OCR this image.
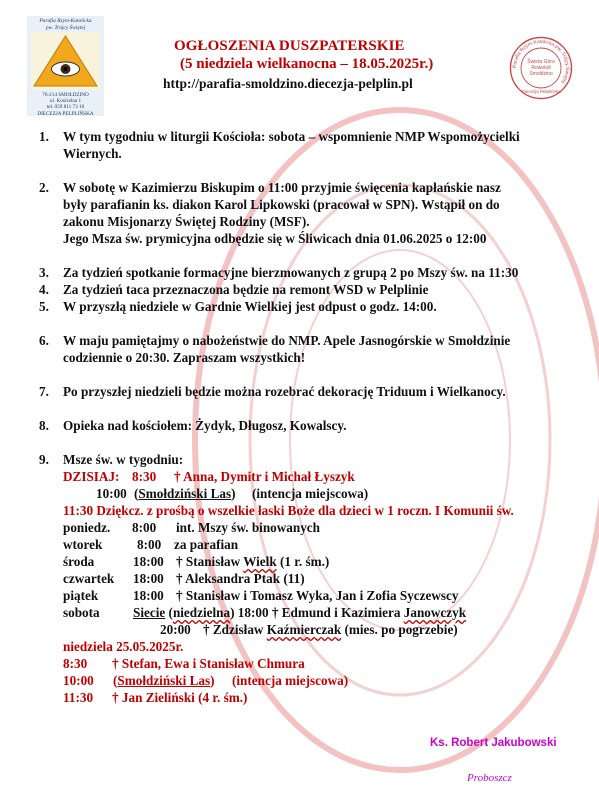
Parafia Rzym-Katolicka
pw. Trójcy Świętej
76-214 SMOŁDZINO
ul. Kościelna 1
tel. 059 811 73 16
DIECEZJA PELPLIŃSKA
OGŁOSZENIA DUSZPATERSKIE
(5 niedziela wielkanocna – 18.05.2025r.)
http://parafia-smoldzino.diecezja-pelplin.pl
Parafia Rzym-Katolicka pw. Trójcy Świętej
Świeta Góra
Rowokół
Smołdzino
Diecezja Pelplińska
1. W tym tygodniu w liturgii Kościoła: sobota – wspomnienie NMP Wspomożycielki
Wiernych.
2. W sobotę w Kazimierzu Biskupim o 11:00 przyjmie święcenia kapłańskie nasz
były parafianin ks. diakon Karol Lipkowski (pracował w SPN). Wstąpił on do
zakonu Misjonarzy Świętej Rodziny (MSF).
Jego Msza św. prymicyjna odbędzie się w Śliwicach dnia 01.06.2025 o 12:00
3. Za tydzień spotkanie formacyjne bierzmowanych z grupą 2 po Mszy św. na 11:30
4. Za tydzień taca przeznaczona będzie na remont WSD w Pelplinie
5. W przyszłą niedziele w Gardnie Wielkiej jest odpust o godz. 14:00.
6. W maju pamiętajmy o nabożeństwie do NMP. Apele Jasnogórskie w Smołdzinie
codziennie o 20:30. Zapraszam wszystkich!
7. Po przyszłej niedzieli będzie można rozebrać dekorację Triduum i Wielkanocy.
8. Opieka nad kościołem: Żydyk, Długosz, Kowalscy.
9. Msze św. w tygodniu:
DZISIAJ: 8:30 † Anna, Dymitr i Michał Łyszyk
10:00 (Smołdziński Las) (intencja miejscowa)
11:30 Dziękcz. z prośbą o wszelkie łaski Boże dla dzieci w 1 roczn. I Komunii św.
poniedz. 8:00 int. Mszy św. binowanych
wtorek	8:00 za parafian
środa	18:00 † Stanisław Wielk (1 r. śm.)
czwartek 18:00 † Aleksandra Ptak (11)
piątek	18:00 † Stanisław i Tomasz Wyka, Jan i Zofia Syczewscy
sobota	Siecie (niedzielna) 18:00 † Edmund i Kazimiera Janowczyk
20:00 † Zdzisław Kaźmierczak (mies. po pogrzebie)
niedziela 25.05.2025r.
8:30 † Stefan, Ewa i Stanisław Chmura
10:00 (Smołdziński Las) (intencja miejscowa)
11:30 † Jan Zieliński (4 r. śm.)
Ks. Robert Jakubowski
Proboszcz
